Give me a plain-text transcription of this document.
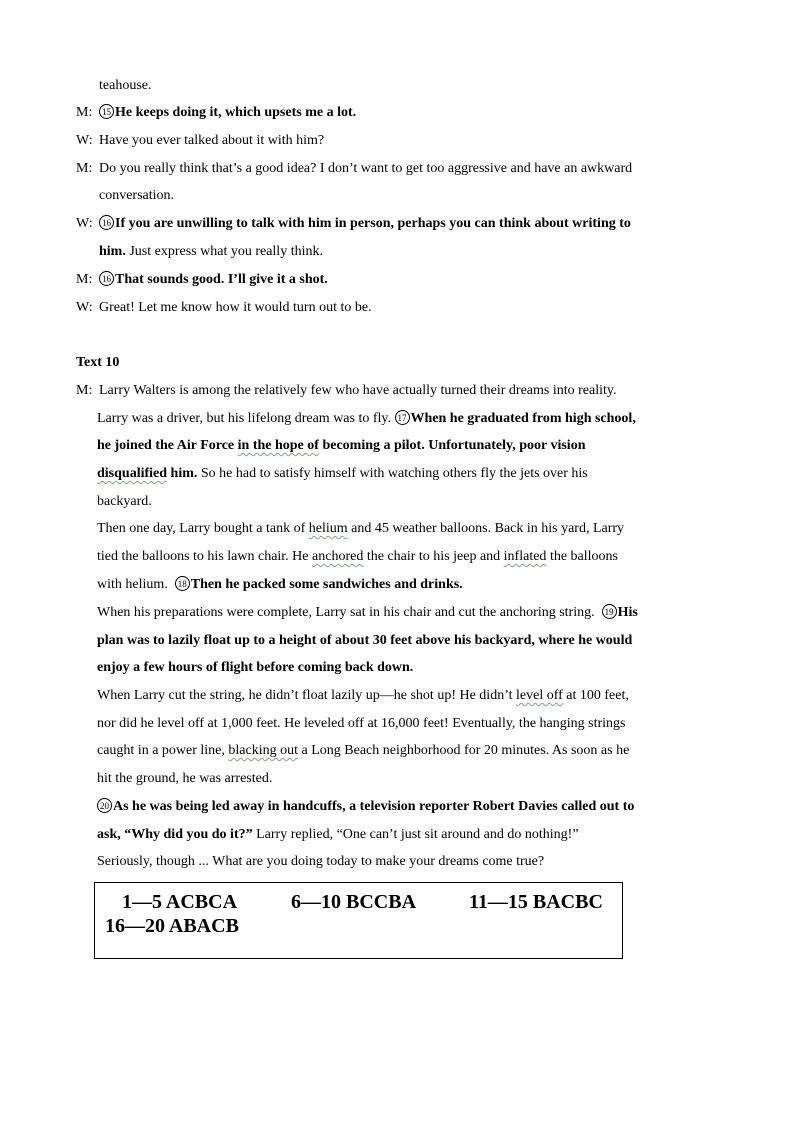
teahouse.
M:	15 He keeps doing it, which upsets me a lot.
W: Have you ever talked about it with him?
M: Do you really think that’s a good idea? I don’t want to get too aggressive and have an awkward
conversation.
W:	16 If you are unwilling to talk with him in person, perhaps you can think about writing to
him. Just express what you really think.
M:	16 That sounds good. I’ll give it a shot.
W: Great! Let me know how it would turn out to be.
Text 10
M: Larry Walters is among the relatively few who have actually turned their dreams into reality.
Larry was a driver, but his lifelong dream was to fly. 17 When he graduated from high school,
he joined the Air Force in the hope of becoming a pilot. Unfortunately, poor vision
disqualified him. So he had to satisfy himself with watching others fly the jets over his
backyard.
Then one day, Larry bought a tank of helium and 45 weather balloons. Back in his yard, Larry
tied the balloons to his lawn chair. He anchored the chair to his jeep and inflated the balloons
with helium. 18 Then he packed some sandwiches and drinks.
When his preparations were complete, Larry sat in his chair and cut the anchoring string. 19 His
plan was to lazily float up to a height of about 30 feet above his backyard, where he would
enjoy a few hours of flight before coming back down.
When Larry cut the string, he didn’t float lazily up—he shot up! He didn’t level off at 100 feet,
nor did he level off at 1,000 feet. He leveled off at 16,000 feet! Eventually, the hanging strings
caught in a power line, blacking out a Long Beach neighborhood for 20 minutes. As soon as he
hit the ground, he was arrested.
20 As he was being led away in handcuffs, a television reporter Robert Davies called out to
ask, “Why did you do it?” Larry replied, “One can’t just sit around and do nothing!”
Seriously, though ... What are you doing today to make your dreams come true?
1—5 ACBCA	6—10 BCCBA	11—15 BACBC
16—20 ABACB
